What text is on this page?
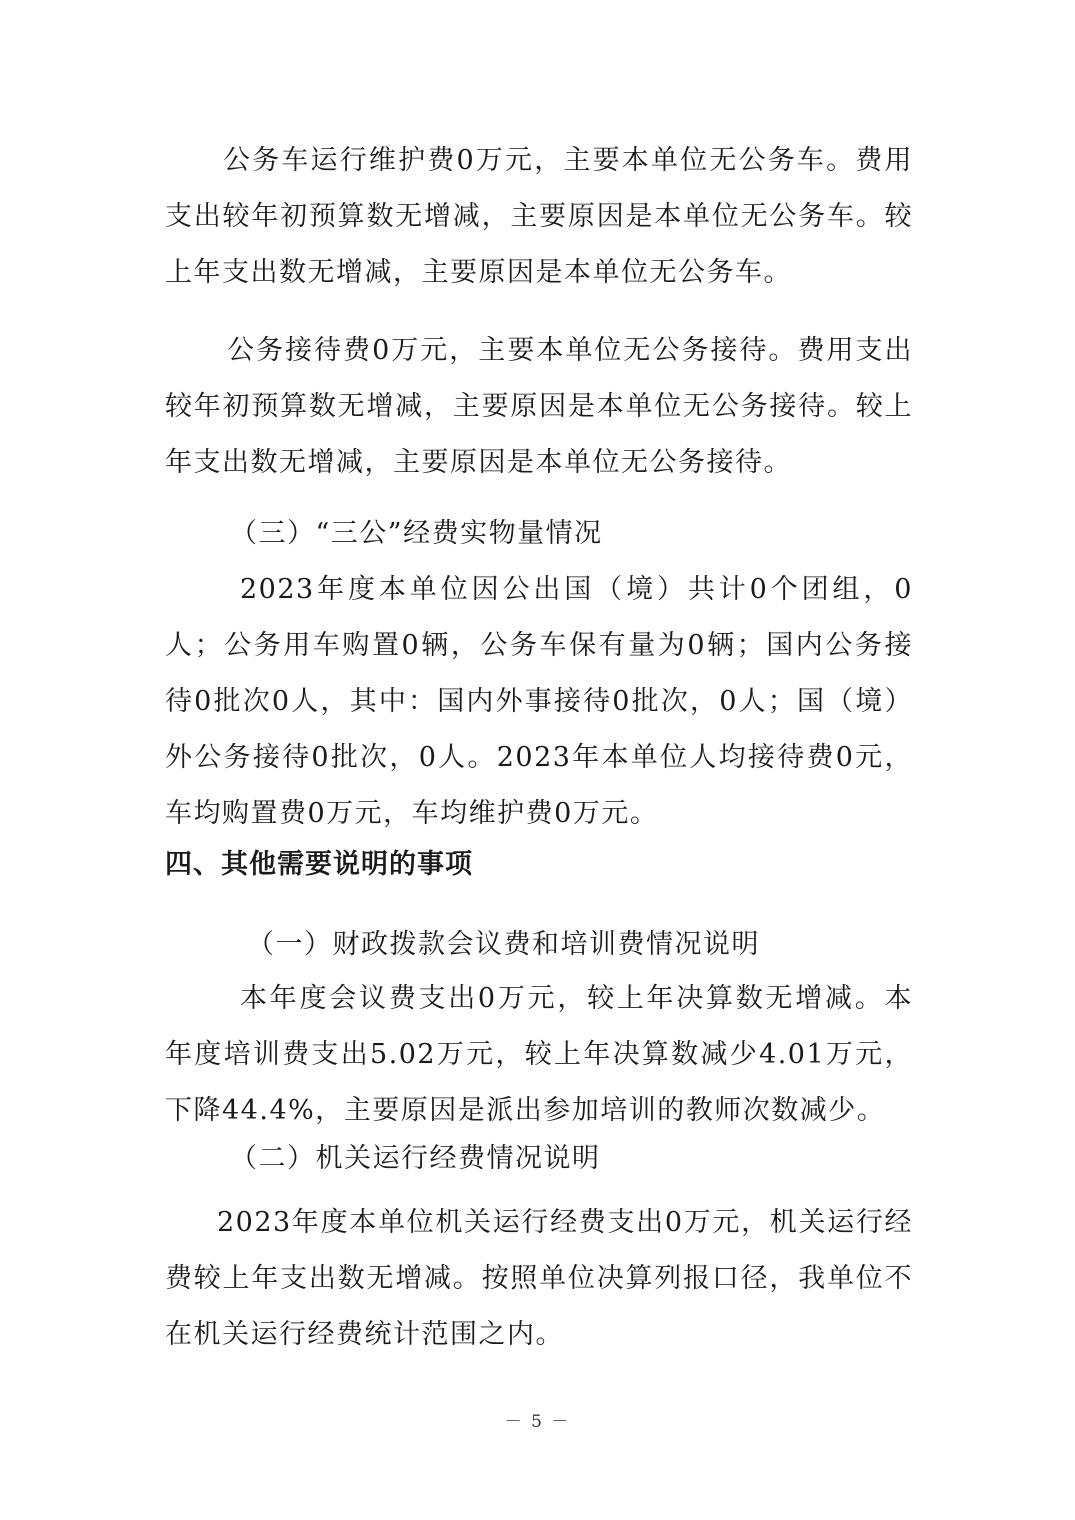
公务车运行维护费0万元，主要本单位无公务车。费用支出较年初预算数无增减，主要原因是本单位无公务车。较上年支出数无增减，主要原因是本单位无公务车。

公务接待费0万元，主要本单位无公务接待。费用支出较年初预算数无增减，主要原因是本单位无公务接待。较上年支出数无增减，主要原因是本单位无公务接待。

（三）“三公”经费实物量情况

2023年度本单位因公出国（境）共计0个团组，0人；公务用车购置0辆，公务车保有量为0辆；国内公务接待0批次0人，其中：国内外事接待0批次，0人；国（境）外公务接待0批次，0人。2023年本单位人均接待费0元，车均购置费0万元，车均维护费0万元。

四、其他需要说明的事项

（一）财政拨款会议费和培训费情况说明

本年度会议费支出0万元，较上年决算数无增减。本年度培训费支出5.02万元，较上年决算数减少4.01万元，下降44.4%，主要原因是派出参加培训的教师次数减少。

（二）机关运行经费情况说明

2023年度本单位机关运行经费支出0万元，机关运行经费较上年支出数无增减。按照单位决算列报口径，我单位不在机关运行经费统计范围之内。

－ 5 －
